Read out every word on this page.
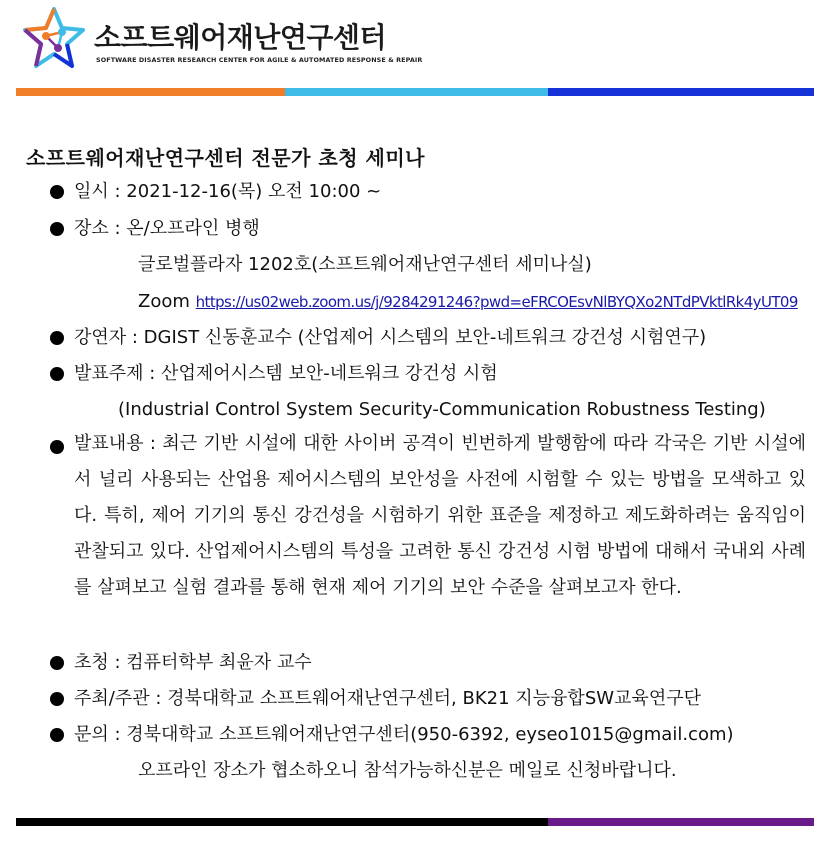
소프트웨어재난연구센터
SOFTWARE DISASTER RESEARCH CENTER FOR AGILE & AUTOMATED RESPONSE & REPAIR
소프트웨어재난연구센터 전문가 초청 세미나
일시 : 2021-12-16(목) 오전 10:00 ~
장소 : 온/오프라인 병행
글로벌플라자 1202호(소프트웨어재난연구센터 세미나실)
Zoom https://us02web.zoom.us/j/9284291246?pwd=eFRCOEsvNlBYQXo2NTdPVktlRk4yUT09
강연자 : DGIST 신동훈교수 (산업제어 시스템의 보안-네트워크 강건성 시험연구)
발표주제 : 산업제어시스템 보안-네트워크 강건성 시험
(Industrial Control System Security-Communication Robustness Testing)
발표내용 : 최근 기반 시설에 대한 사이버 공격이 빈번하게 발행함에 따라 각국은 기반 시설에서 널리 사용되는 산업용 제어시스템의 보안성을 사전에 시험할 수 있는 방법을 모색하고 있다. 특히, 제어 기기의 통신 강건성을 시험하기 위한 표준을 제정하고 제도화하려는 움직임이 관찰되고 있다. 산업제어시스템의 특성을 고려한 통신 강건성 시험 방법에 대해서 국내외 사례를 살펴보고 실험 결과를 통해 현재 제어 기기의 보안 수준을 살펴보고자 한다.
초청 : 컴퓨터학부 최윤자 교수
주최/주관 : 경북대학교 소프트웨어재난연구센터, BK21 지능융합SW교육연구단
문의 : 경북대학교 소프트웨어재난연구센터(950-6392, eyseo1015@gmail.com)
오프라인 장소가 협소하오니 참석가능하신분은 메일로 신청바랍니다.
